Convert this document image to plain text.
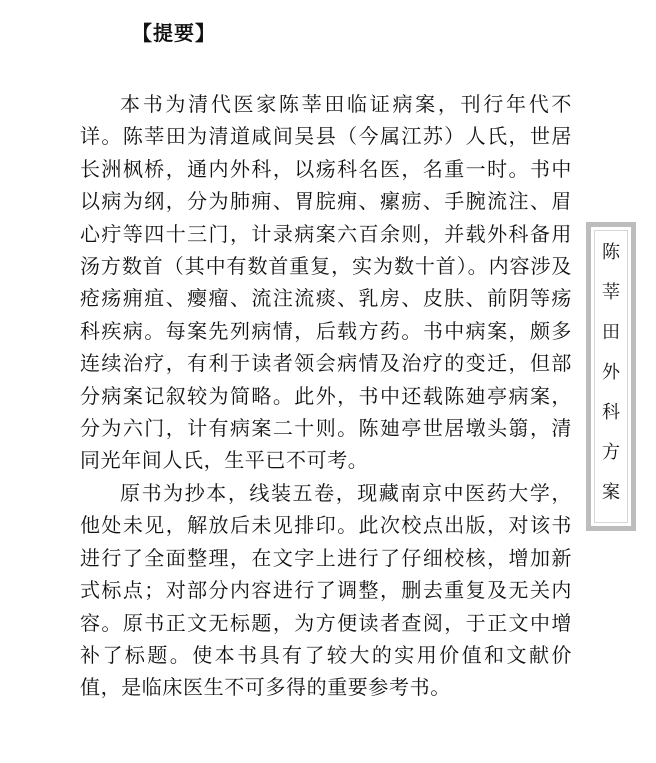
【提要】

本书为清代医家陈莘田临证病案，刊行年代不详。陈莘田为清道咸间吴县（今属江苏）人氏，世居长洲枫桥，通内外科，以疡科名医，名重一时。书中以病为纲，分为肺痈、胃脘痈、瘰疬、手腕流注、眉心疔等四十三门，计录病案六百余则，并载外科备用汤方数首（其中有数首重复，实为数十首）。内容涉及疮疡痈疽、瘿瘤、流注流痰、乳房、皮肤、前阴等疡科疾病。每案先列病情，后载方药。书中病案，颇多连续治疗，有利于读者领会病情及治疗的变迁，但部分病案记叙较为简略。此外，书中还载陈廸亭病案，分为六门，计有病案二十则。陈廸亭世居墩头篛，清同光年间人氏，生平已不可考。

原书为抄本，线装五卷，现藏南京中医药大学，他处未见，解放后未见排印。此次校点出版，对该书进行了全面整理，在文字上进行了仔细校核，增加新式标点；对部分内容进行了调整，删去重复及无关内容。原书正文无标题，为方便读者查阅，于正文中增补了标题。使本书具有了较大的实用价值和文献价值，是临床医生不可多得的重要参考书。

陈
莘
田
外
科
方
案
